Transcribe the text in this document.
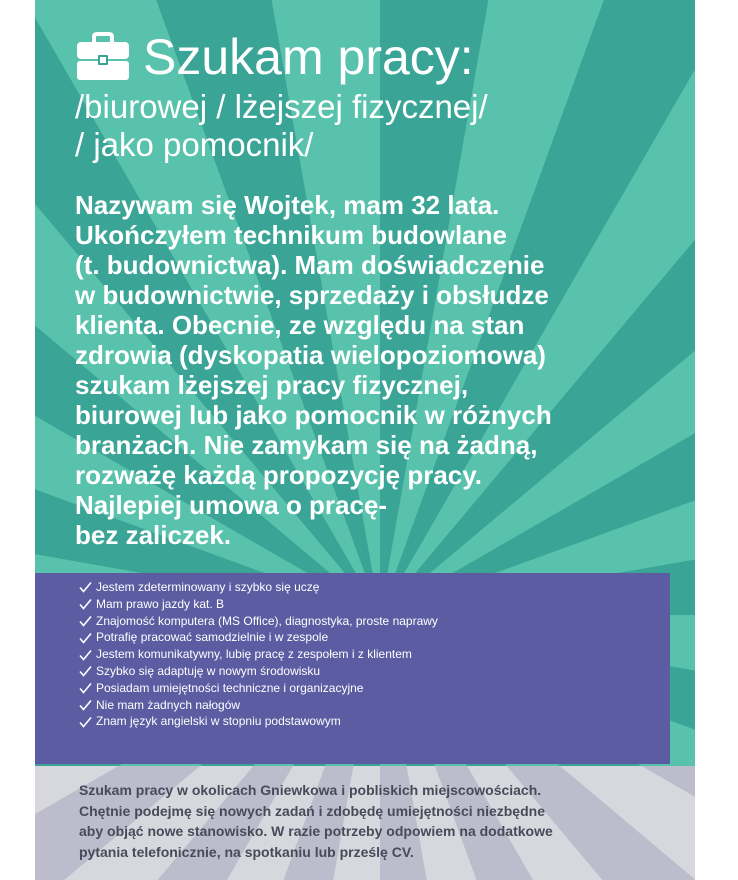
Szukam pracy:
/biurowej / lżejszej fizycznej/
/ jako pomocnik/
Nazywam się Wojtek, mam 32 lata.
Ukończyłem technikum budowlane
(t. budownictwa). Mam doświadczenie
w budownictwie, sprzedaży i obsłudze
klienta. Obecnie, ze względu na stan
zdrowia (dyskopatia wielopoziomowa)
szukam lżejszej pracy fizycznej,
biurowej lub jako pomocnik w różnych
branżach. Nie zamykam się na żadną,
rozważę każdą propozycję pracy.
Najlepiej umowa o pracę-
bez zaliczek.
Jestem zdeterminowany i szybko się uczę
Mam prawo jazdy kat. B
Znajomość komputera (MS Office), diagnostyka, proste naprawy
Potrafię pracować samodzielnie i w zespole
Jestem komunikatywny, lubię pracę z zespołem i z klientem
Szybko się adaptuję w nowym środowisku
Posiadam umiejętności techniczne i organizacyjne
Nie mam żadnych nałogów
Znam język angielski w stopniu podstawowym
Szukam pracy w okolicach Gniewkowa i pobliskich miejscowościach.
Chętnie podejmę się nowych zadań i zdobędę umiejętności niezbędne
aby objąć nowe stanowisko. W razie potrzeby odpowiem na dodatkowe
pytania telefonicznie, na spotkaniu lub prześlę CV.
